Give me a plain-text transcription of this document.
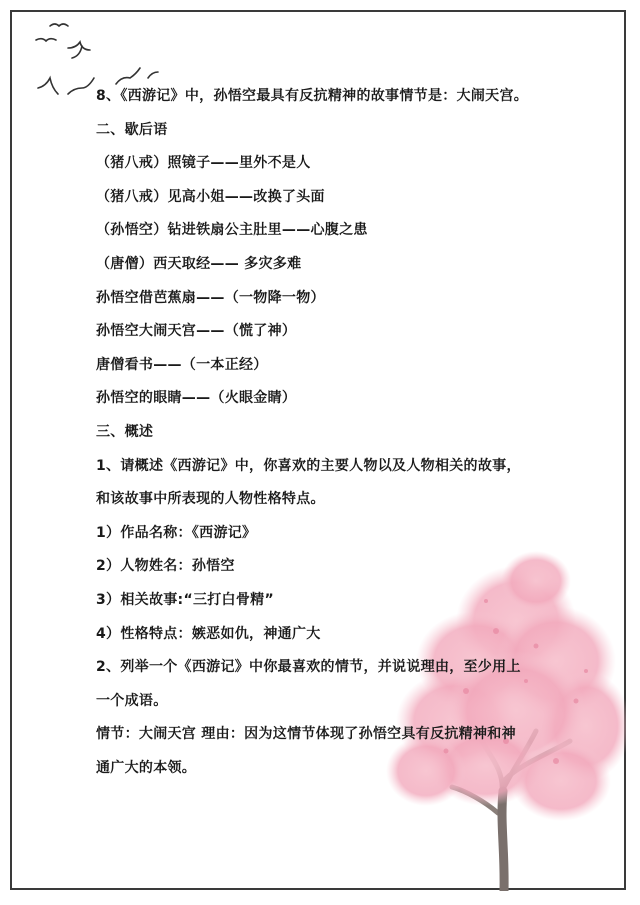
8、《西游记》中，孙悟空最具有反抗精神的故事情节是：大闹天宫。
二、歇后语
（猪八戒）照镜子——里外不是人
（猪八戒）见高小姐——改换了头面
（孙悟空）钻进铁扇公主肚里——心腹之患
（唐僧）西天取经—— 多灾多难
孙悟空借芭蕉扇——（一物降一物）
孙悟空大闹天宫——（慌了神）
唐僧看书——（一本正经）
孙悟空的眼睛——（火眼金睛）
三、概述
1、请概述《西游记》中，你喜欢的主要人物以及人物相关的故事，
和该故事中所表现的人物性格特点。
1）作品名称：《西游记》
2）人物姓名：孙悟空
3）相关故事:“三打白骨精”
4）性格特点：嫉恶如仇，神通广大
2、列举一个《西游记》中你最喜欢的情节，并说说理由，至少用上
一个成语。
情节：大闹天宫 理由：因为这情节体现了孙悟空具有反抗精神和神
通广大的本领。
